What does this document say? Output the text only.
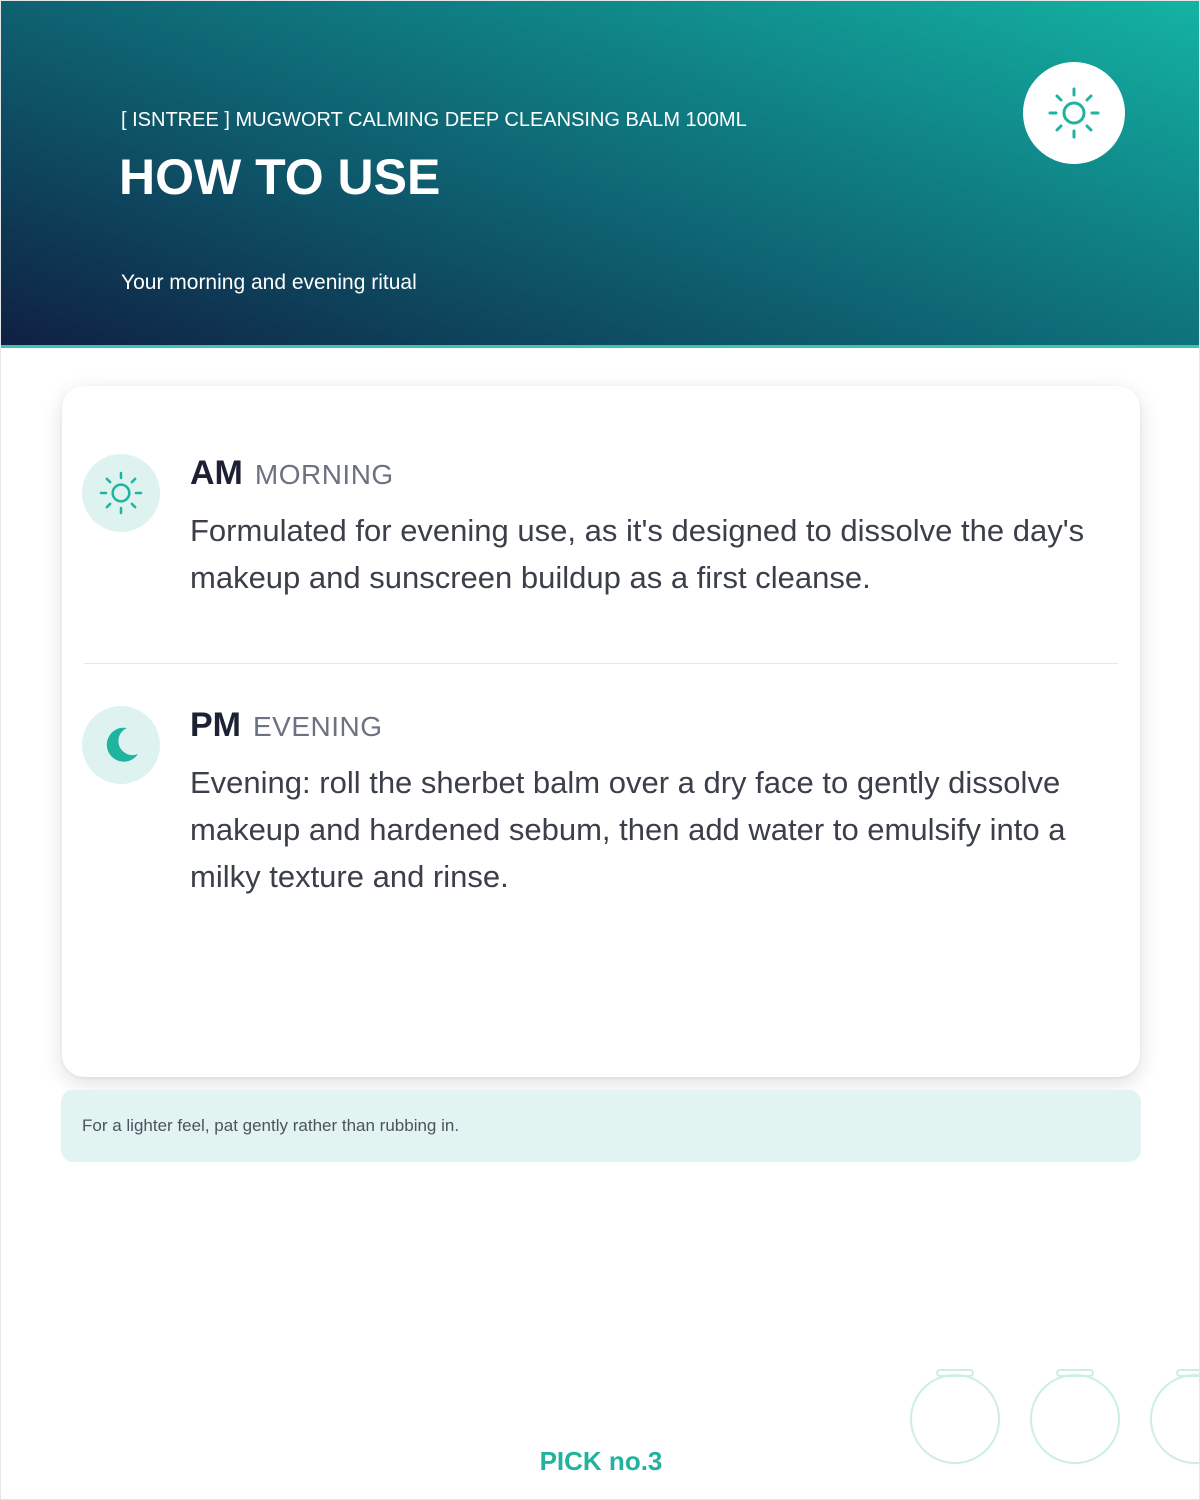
[ ISNTREE ] MUGWORT CALMING DEEP CLEANSING BALM 100ML
HOW TO USE
Your morning and evening ritual
AM MORNING
Formulated for evening use, as it's designed to dissolve the day's makeup and sunscreen buildup as a first cleanse.
PM EVENING
Evening: roll the sherbet balm over a dry face to gently dissolve makeup and hardened sebum, then add water to emulsify into a milky texture and rinse.
For a lighter feel, pat gently rather than rubbing in.
PICK no.3
